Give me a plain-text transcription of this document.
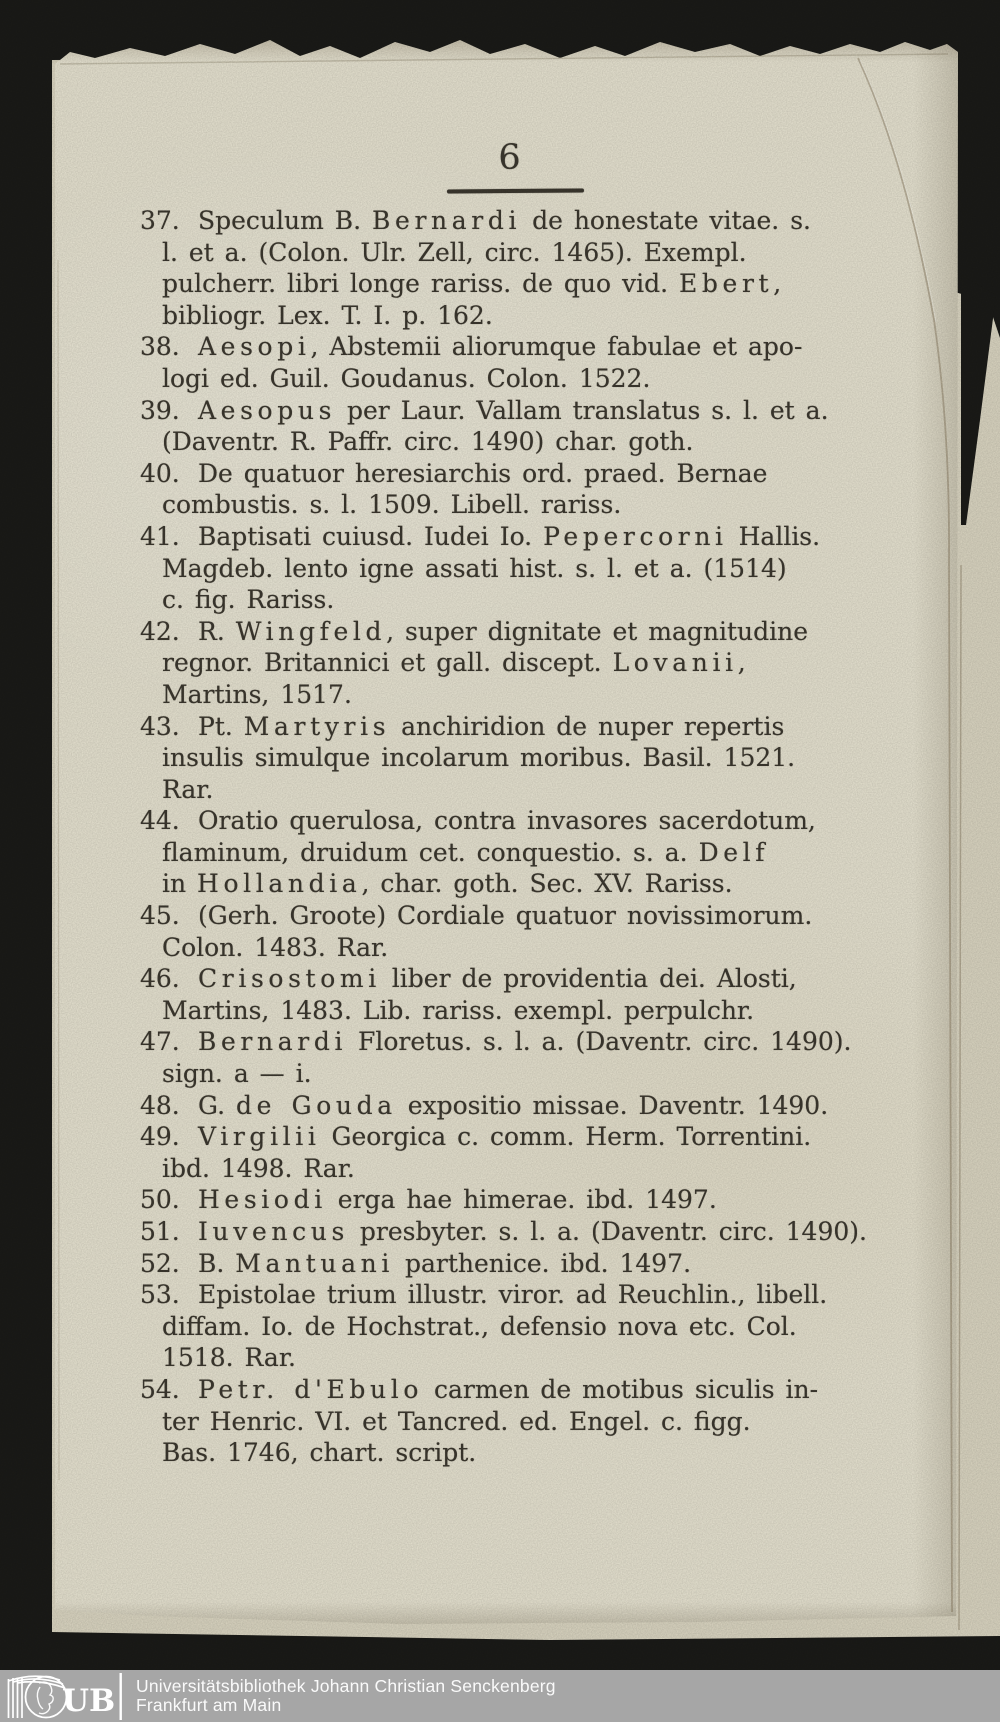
6
37. Speculum B. Bernardi de honestate vitae. s.
l. et a. (Colon. Ulr. Zell, circ. 1465). Exempl.
pulcherr. libri longe rariss. de quo vid. Ebert,
bibliogr. Lex. T. I. p. 162.
38. Aesopi, Abstemii aliorumque fabulae et apo-
logi ed. Guil. Goudanus. Colon. 1522.
39. Aesopus per Laur. Vallam translatus s. l. et a.
(Daventr. R. Paffr. circ. 1490) char. goth.
40. De quatuor heresiarchis ord. praed. Bernae
combustis. s. l. 1509. Libell. rariss.
41. Baptisati cuiusd. Iudei Io. Pepercorni Hallis.
Magdeb. lento igne assati hist. s. l. et a. (1514)
c. fig. Rariss.
42. R. Wingfeld, super dignitate et magnitudine
regnor. Britannici et gall. discept. Lovanii,
Martins, 1517.
43. Pt. Martyris anchiridion de nuper repertis
insulis simulque incolarum moribus. Basil. 1521.
Rar.
44. Oratio querulosa, contra invasores sacerdotum,
flaminum, druidum cet. conquestio. s. a. Delf
in Hollandia, char. goth. Sec. XV. Rariss.
45. (Gerh. Groote) Cordiale quatuor novissimorum.
Colon. 1483. Rar.
46. Crisostomi liber de providentia dei. Alosti,
Martins, 1483. Lib. rariss. exempl. perpulchr.
47. Bernardi Floretus. s. l. a. (Daventr. circ. 1490).
sign. a — i.
48. G. de Gouda expositio missae. Daventr. 1490.
49. Virgilii Georgica c. comm. Herm. Torrentini.
ibd. 1498. Rar.
50. Hesiodi erga hae himerae. ibd. 1497.
51. Iuvencus presbyter. s. l. a. (Daventr. circ. 1490).
52. B. Mantuani parthenice. ibd. 1497.
53. Epistolae trium illustr. viror. ad Reuchlin., libell.
diffam. Io. de Hochstrat., defensio nova etc. Col.
1518. Rar.
54. Petr. d'Ebulo carmen de motibus siculis in-
ter Henric. VI. et Tancred. ed. Engel. c. figg.
Bas. 1746, chart. script.
UB Universitätsbibliothek Johann Christian Senckenberg
Frankfurt am Main
